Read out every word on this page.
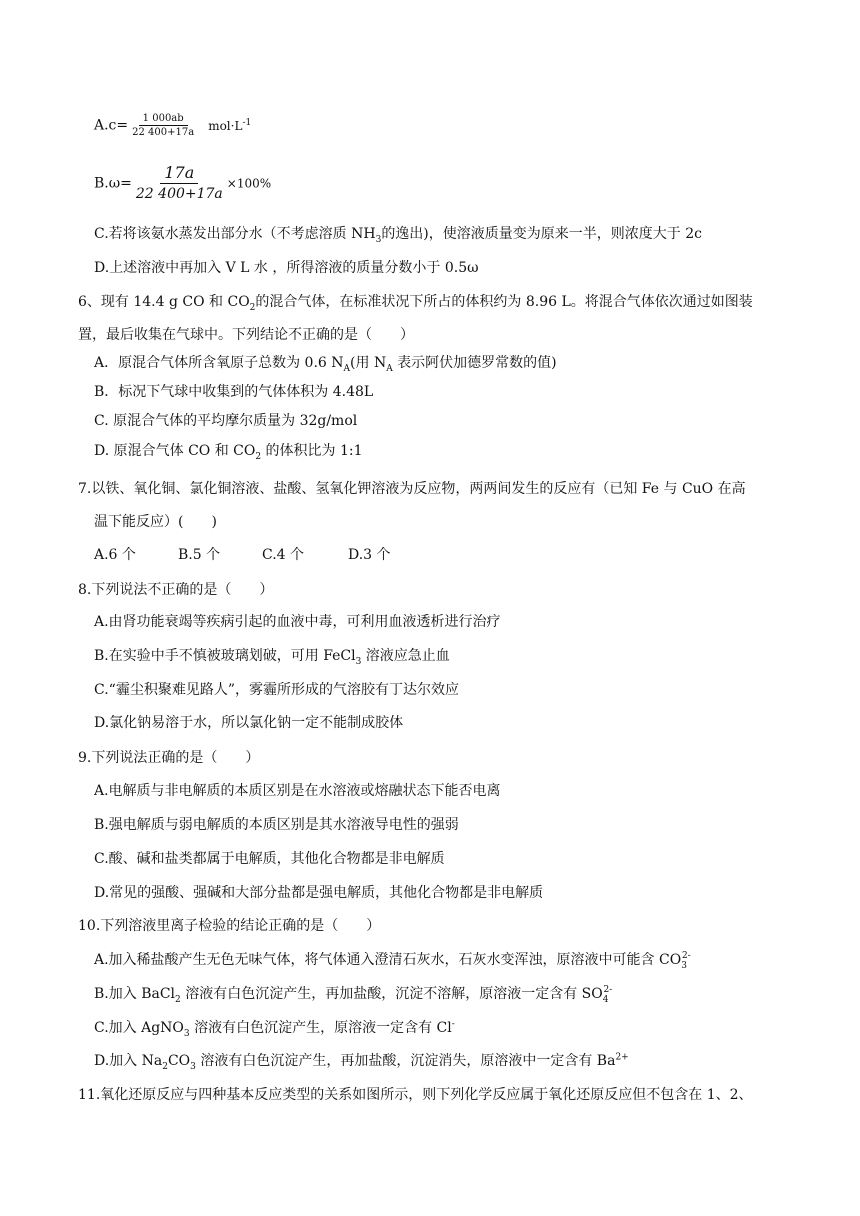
$A.c= \frac{1 000ab}{22 400+17a} mol\cdot L^{-1}$
$B.\omega= \frac{17a}{22 400+17a} \times 100\%$
C.若将该氨水蒸发出部分水（不考虑溶质 $NH_3$的逸出)，使溶液质量变为原来一半，则浓度大于 2c
D.上述溶液中再加入 V L 水 ，所得溶液的质量分数小于 0.5ω
6、现有 14.4 g CO 和 $CO_2$的混合气体，在标准状况下所占的体积约为 8.96 L。将混合气体依次通过如图装
置，最后收集在气球中。下列结论不正确的是（　　）
A．原混合气体所含氧原子总数为 0.6 $N_A$(用 $N_A$ 表示阿伏加德罗常数的值)
B．标况下气球中收集到的气体体积为 4.48L
C. 原混合气体的平均摩尔质量为 32g/mol
D. 原混合气体 CO 和 $CO_2$ 的体积比为 1:1
7.以铁、氧化铜、氯化铜溶液、盐酸、氢氧化钾溶液为反应物，两两间发生的反应有（已知 Fe 与 CuO 在高
温下能反应）(　　)
A.6 个	B.5 个	C.4 个	D.3 个
8.下列说法不正确的是（　　）
A.由肾功能衰竭等疾病引起的血液中毒，可利用血液透析进行治疗
B.在实验中手不慎被玻璃划破，可用 FeCl$_3$ 溶液应急止血
C.“霾尘积聚难见路人”，雾霾所形成的气溶胶有丁达尔效应
D.氯化钠易溶于水，所以氯化钠一定不能制成胶体
9.下列说法正确的是（　　）
A.电解质与非电解质的本质区别是在水溶液或熔融状态下能否电离
B.强电解质与弱电解质的本质区别是其水溶液导电性的强弱
C.酸、碱和盐类都属于电解质，其他化合物都是非电解质
D.常见的强酸、强碱和大部分盐都是强电解质，其他化合物都是非电解质
10.下列溶液里离子检验的结论正确的是（　　）
A.加入稀盐酸产生无色无味气体，将气体通入澄清石灰水，石灰水变浑浊，原溶液中可能含 $CO_3^{2-}$
B.加入 BaCl$_2$ 溶液有白色沉淀产生，再加盐酸，沉淀不溶解，原溶液一定含有 $SO_4^{2-}$
C.加入 AgNO$_3$ 溶液有白色沉淀产生，原溶液一定含有 Cl-
D.加入 $Na_2CO_3$ 溶液有白色沉淀产生，再加盐酸，沉淀消失，原溶液中一定含有 $Ba^{2+}$
11.氧化还原反应与四种基本反应类型的关系如图所示，则下列化学反应属于氧化还原反应但不包含在 1、2、
